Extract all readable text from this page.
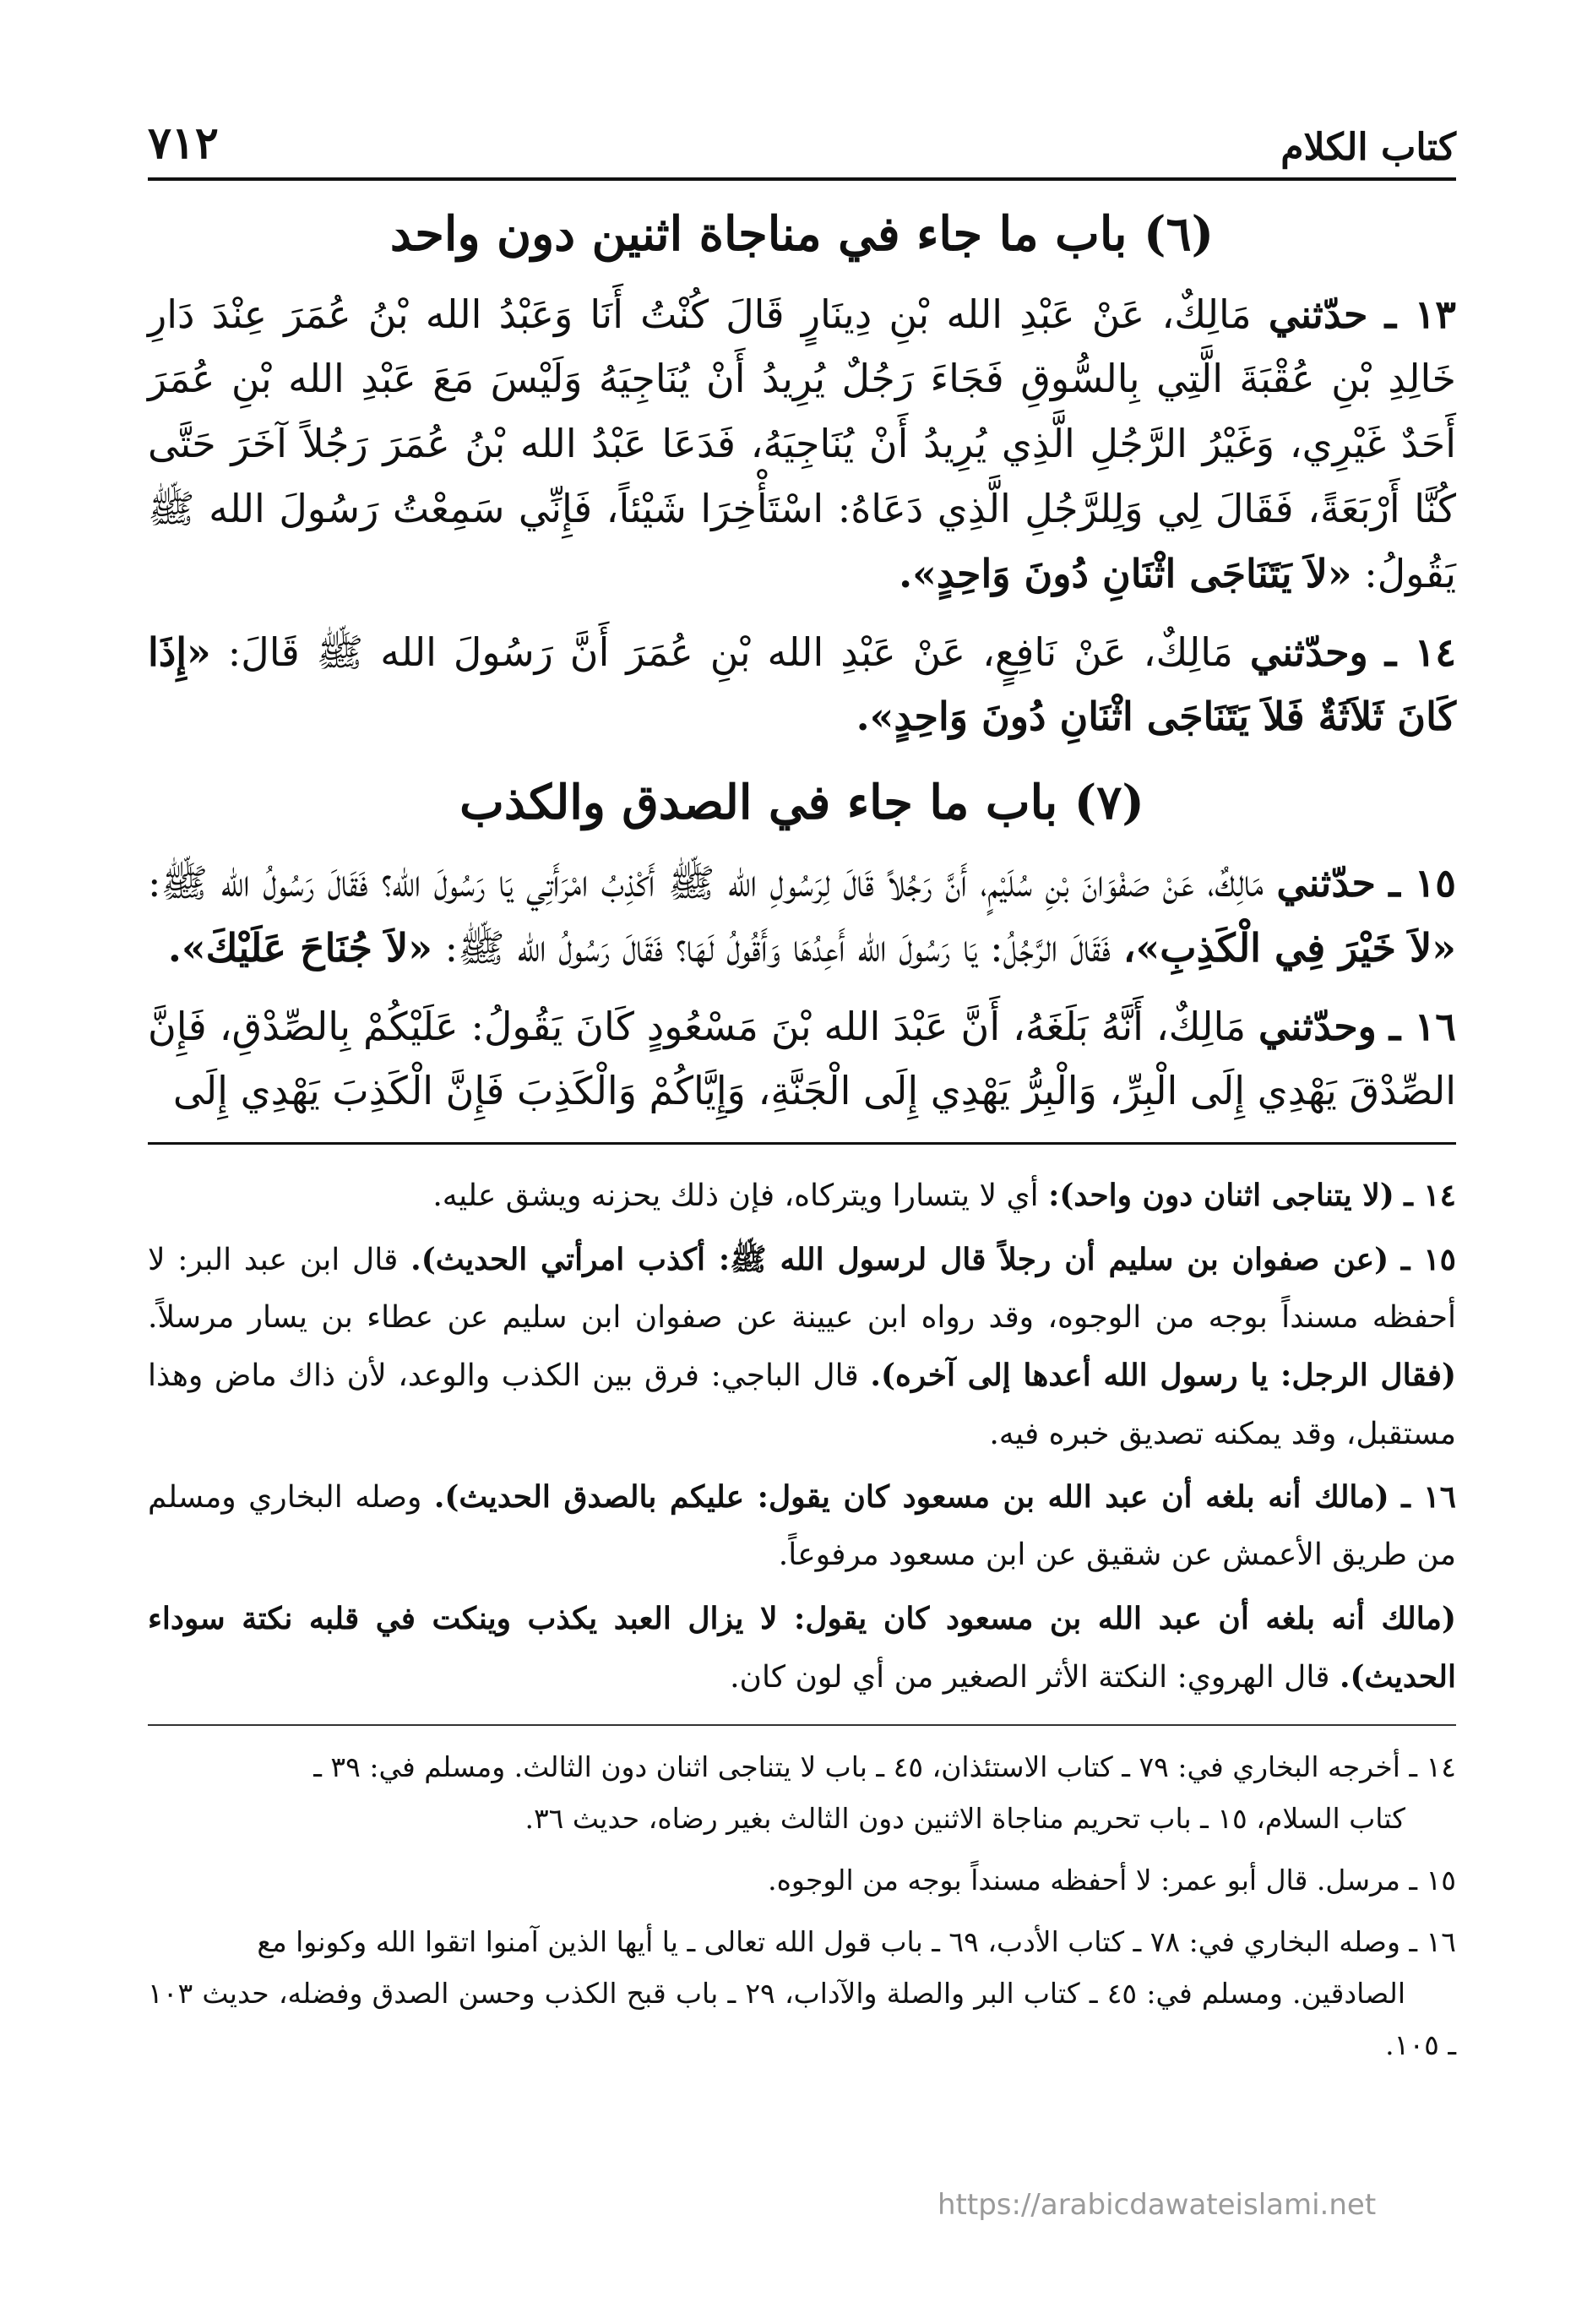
كتاب الكلام
٧١٢
(٦) باب ما جاء في مناجاة اثنين دون واحد

١٣ ـ حدّثني مَالِكٌ، عَنْ عَبْدِ الله بْنِ دِينَارٍ قَالَ كُنْتُ أَنَا وَعَبْدُ الله بْنُ عُمَرَ عِنْدَ دَارِ خَالِدِ بْنِ عُقْبَةَ الَّتِي بِالسُّوقِ فَجَاءَ رَجُلٌ يُرِيدُ أَنْ يُنَاجِيَهُ وَلَيْسَ مَعَ عَبْدِ الله بْنِ عُمَرَ أَحَدٌ غَيْرِي، وَغَيْرُ الرَّجُلِ الَّذِي يُرِيدُ أَنْ يُنَاجِيَهُ، فَدَعَا عَبْدُ الله بْنُ عُمَرَ رَجُلاً آخَرَ حَتَّى كُنَّا أَرْبَعَةً، فَقَالَ لِي وَلِلرَّجُلِ الَّذِي دَعَاهُ: اسْتَأْخِرَا شَيْئاً، فَإِنِّي سَمِعْتُ رَسُولَ الله ﷺ يَقُولُ: «لاَ يَتَنَاجَى اثْنَانِ دُونَ وَاحِدٍ».

١٤ ـ وحدّثني مَالِكٌ، عَنْ نَافِعٍ، عَنْ عَبْدِ الله بْنِ عُمَرَ أَنَّ رَسُولَ الله ﷺ قَالَ: «إِذَا كَانَ ثَلاَثَةٌ فَلاَ يَتَنَاجَى اثْنَانِ دُونَ وَاحِدٍ».

(٧) باب ما جاء في الصدق والكذب

١٥ ـ حدّثني مَالِكٌ، عَنْ صَفْوَانَ بْنِ سُلَيْمٍ، أَنَّ رَجُلاً قَالَ لِرَسُولِ الله ﷺ أَكْذِبُ امْرَأَتِي يَا رَسُولَ الله؟ فَقَالَ رَسُولُ الله ﷺ: «لاَ خَيْرَ فِي الْكَذِبِ»، فَقَالَ الرَّجُلُ: يَا رَسُولَ الله أَعِدُهَا وَأَقُولُ لَهَا؟ فَقَالَ رَسُولُ الله ﷺ: «لاَ جُنَاحَ عَلَيْكَ».

١٦ ـ وحدّثني مَالِكٌ، أَنَّهُ بَلَغَهُ، أَنَّ عَبْدَ الله بْنَ مَسْعُودٍ كَانَ يَقُولُ: عَلَيْكُمْ بِالصِّدْقِ، فَإِنَّ الصِّدْقَ يَهْدِي إِلَى الْبِرِّ، وَالْبِرُّ يَهْدِي إِلَى الْجَنَّةِ، وَإِيَّاكُمْ وَالْكَذِبَ فَإِنَّ الْكَذِبَ يَهْدِي إِلَى

١٤ ـ (لا يتناجى اثنان دون واحد): أي لا يتسارا ويتركاه، فإن ذلك يحزنه ويشق عليه.

١٥ ـ (عن صفوان بن سليم أن رجلاً قال لرسول الله ﷺ: أكذب امرأتي الحديث). قال ابن عبد البر: لا أحفظه مسنداً بوجه من الوجوه، وقد رواه ابن عيينة عن صفوان ابن سليم عن عطاء بن يسار مرسلاً. (فقال الرجل: يا رسول الله أعدها إلى آخره). قال الباجي: فرق بين الكذب والوعد، لأن ذاك ماض وهذا مستقبل، وقد يمكنه تصديق خبره فيه.

١٦ ـ (مالك أنه بلغه أن عبد الله بن مسعود كان يقول: عليكم بالصدق الحديث). وصله البخاري ومسلم من طريق الأعمش عن شقيق عن ابن مسعود مرفوعاً.

(مالك أنه بلغه أن عبد الله بن مسعود كان يقول: لا يزال العبد يكذب وينكت في قلبه نكتة سوداء الحديث). قال الهروي: النكتة الأثر الصغير من أي لون كان.

١٤ ـ أخرجه البخاري في: ٧٩ ـ كتاب الاستئذان، ٤٥ ـ باب لا يتناجى اثنان دون الثالث. ومسلم في: ٣٩ ـ
كتاب السلام، ١٥ ـ باب تحريم مناجاة الاثنين دون الثالث بغير رضاه، حديث ٣٦.

١٥ ـ مرسل. قال أبو عمر: لا أحفظه مسنداً بوجه من الوجوه.

١٦ ـ وصله البخاري في: ٧٨ ـ كتاب الأدب، ٦٩ ـ باب قول الله تعالى ـ يا أيها الذين آمنوا اتقوا الله وكونوا مع
الصادقين. ومسلم في: ٤٥ ـ كتاب البر والصلة والآداب، ٢٩ ـ باب قبح الكذب وحسن الصدق وفضله، حديث ١٠٣ ـ ١٠٥.

https://arabicdawateislami.net
